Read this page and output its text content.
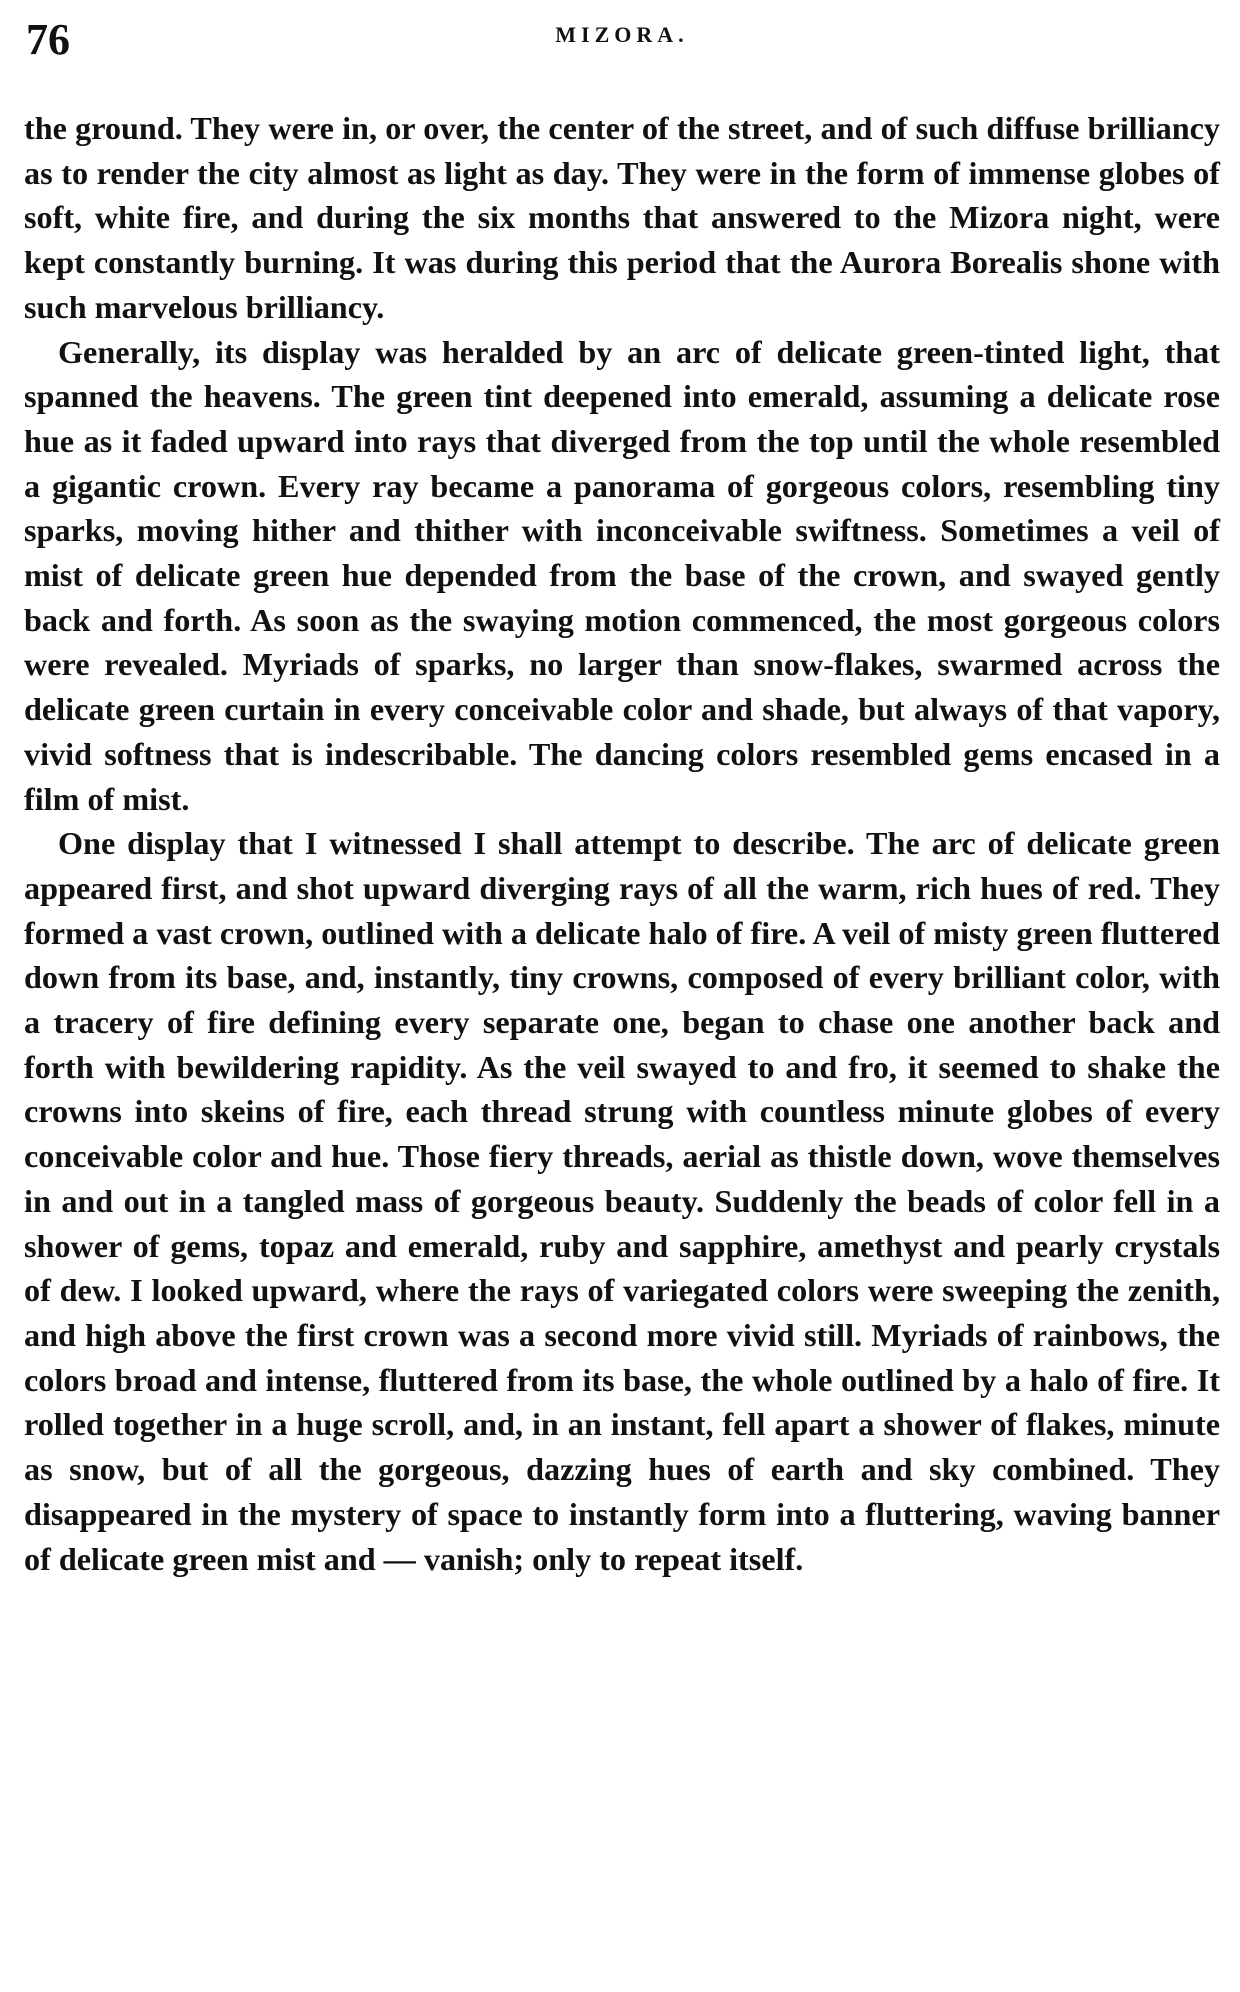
76	MIZORA.

the ground. They were in, or over, the center of the street, and of such diffuse brilliancy as to render the city almost as light as day. They were in the form of immense globes of soft, white fire, and during the six months that answered to the Mizora night, were kept constantly burning. It was during this period that the Aurora Borealis shone with such marvelous brilliancy.

Generally, its display was heralded by an arc of delicate green-tinted light, that spanned the heavens. The green tint deepened into emerald, assuming a delicate rose hue as it faded upward into rays that diverged from the top until the whole resembled a gigantic crown. Every ray became a panorama of gorgeous colors, resembling tiny sparks, moving hither and thither with inconceivable swiftness. Sometimes a veil of mist of delicate green hue depended from the base of the crown, and swayed gently back and forth. As soon as the swaying motion commenced, the most gorgeous colors were revealed. Myriads of sparks, no larger than snow-flakes, swarmed across the delicate green curtain in every conceivable color and shade, but always of that vapory, vivid softness that is indescribable. The dancing colors resembled gems encased in a film of mist.

One display that I witnessed I shall attempt to describe. The arc of delicate green appeared first, and shot upward diverging rays of all the warm, rich hues of red. They formed a vast crown, outlined with a delicate halo of fire. A veil of misty green fluttered down from its base, and, instantly, tiny crowns, composed of every brilliant color, with a tracery of fire defining every separate one, began to chase one another back and forth with bewildering rapidity. As the veil swayed to and fro, it seemed to shake the crowns into skeins of fire, each thread strung with countless minute globes of every conceivable color and hue. Those fiery threads, aerial as thistle down, wove themselves in and out in a tangled mass of gorgeous beauty. Suddenly the beads of color fell in a shower of gems, topaz and emerald, ruby and sapphire, amethyst and pearly crystals of dew. I looked upward, where the rays of variegated colors were sweeping the zenith, and high above the first crown was a second more vivid still. Myriads of rainbows, the colors broad and intense, fluttered from its base, the whole outlined by a halo of fire. It rolled together in a huge scroll, and, in an instant, fell apart a shower of flakes, minute as snow, but of all the gorgeous, dazzing hues of earth and sky combined. They disappeared in the mystery of space to instantly form into a fluttering, waving banner of delicate green mist and — vanish; only to repeat itself.
